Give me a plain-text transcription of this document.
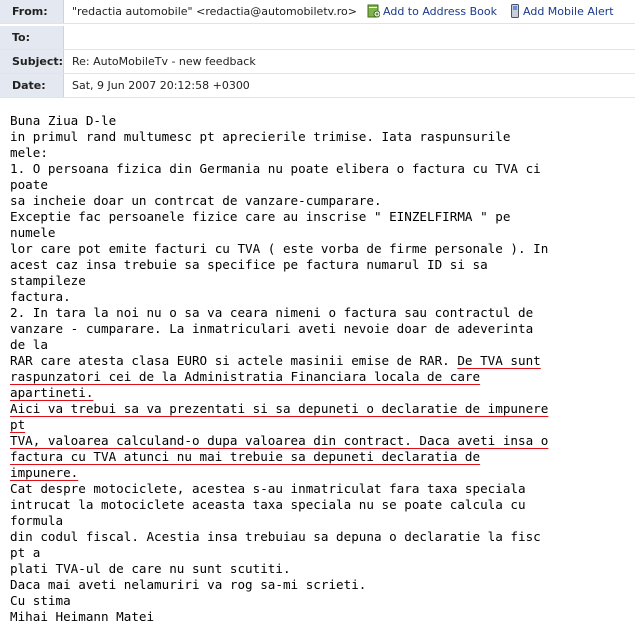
From:	"redactia automobile" <redactia@automobiletv.ro>	Add to Address Book	Add Mobile Alert
To:
Subject: Re: AutoMobileTv - new feedback
Date:	Sat, 9 Jun 2007 20:12:58 +0300
Buna Ziua D-le
in primul rand multumesc pt aprecierile trimise. Iata raspunsurile
mele:
1. O persoana fizica din Germania nu poate elibera o factura cu TVA ci
poate
sa incheie doar un contrcat de vanzare-cumparare.
Exceptie fac persoanele fizice care au inscrise " EINZELFIRMA " pe
numele
lor care pot emite facturi cu TVA ( este vorba de firme personale ). In
acest caz insa trebuie sa specifice pe factura numarul ID si sa
stampileze
factura.
2. In tara la noi nu o sa va ceara nimeni o factura sau contractul de
vanzare - cumparare. La inmatriculari aveti nevoie doar de adeverinta
de la
RAR care atesta clasa EURO si actele masinii emise de RAR. De TVA sunt
raspunzatori cei de la Administratia Financiara locala de care
apartineti.
Aici va trebui sa va prezentati si sa depuneti o declaratie de impunere
pt
TVA, valoarea calculand-o dupa valoarea din contract. Daca aveti insa o
factura cu TVA atunci nu mai trebuie sa depuneti declaratia de
impunere.
Cat despre motociclete, acestea s-au inmatriculat fara taxa speciala
intrucat la motociclete aceasta taxa speciala nu se poate calcula cu
formula
din codul fiscal. Acestia insa trebuiau sa depuna o declaratie la fisc
pt a
plati TVA-ul de care nu sunt scutiti.
Daca mai aveti nelamuriri va rog sa-mi scrieti.
Cu stima
Mihai Heimann Matei
